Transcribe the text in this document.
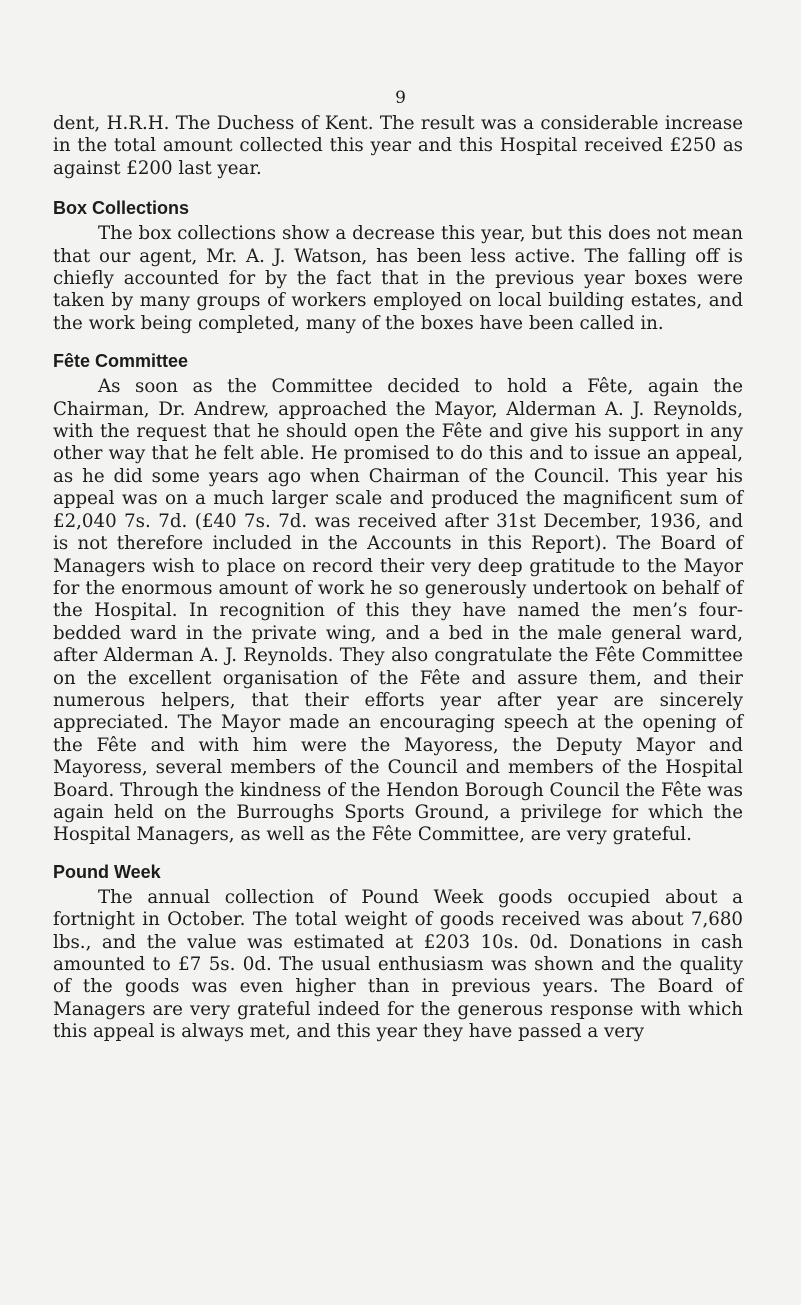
9

dent, H.R.H. The Duchess of Kent. The result was a considerable increase in the total amount collected this year and this Hospital received £250 as against £200 last year.

Box Collections

The box collections show a decrease this year, but this does not mean that our agent, Mr. A. J. Watson, has been less active. The falling off is chiefly accounted for by the fact that in the previous year boxes were taken by many groups of workers employed on local building estates, and the work being completed, many of the boxes have been called in.

Fête Committee

As soon as the Committee decided to hold a Fête, again the Chairman, Dr. Andrew, approached the Mayor, Alderman A. J. Reynolds, with the request that he should open the Fête and give his support in any other way that he felt able. He promised to do this and to issue an appeal, as he did some years ago when Chairman of the Council. This year his appeal was on a much larger scale and produced the magnificent sum of £2,040 7s. 7d. (£40 7s. 7d. was received after 31st December, 1936, and is not therefore included in the Accounts in this Report). The Board of Managers wish to place on record their very deep gratitude to the Mayor for the enormous amount of work he so generously undertook on behalf of the Hospital. In recognition of this they have named the men’s four-bedded ward in the private wing, and a bed in the male general ward, after Alderman A. J. Reynolds. They also congratulate the Fête Committee on the excellent organisation of the Fête and assure them, and their numerous helpers, that their efforts year after year are sincerely appreciated. The Mayor made an encouraging speech at the opening of the Fête and with him were the Mayoress, the Deputy Mayor and Mayoress, several members of the Council and members of the Hospital Board. Through the kindness of the Hendon Borough Council the Fête was again held on the Burroughs Sports Ground, a privilege for which the Hospital Managers, as well as the Fête Committee, are very grateful.

Pound Week

The annual collection of Pound Week goods occupied about a fortnight in October. The total weight of goods received was about 7,680 lbs., and the value was estimated at £203 10s. 0d. Donations in cash amounted to £7 5s. 0d. The usual enthusiasm was shown and the quality of the goods was even higher than in previous years. The Board of Managers are very grateful indeed for the generous response with which this appeal is always met, and this year they have passed a very
